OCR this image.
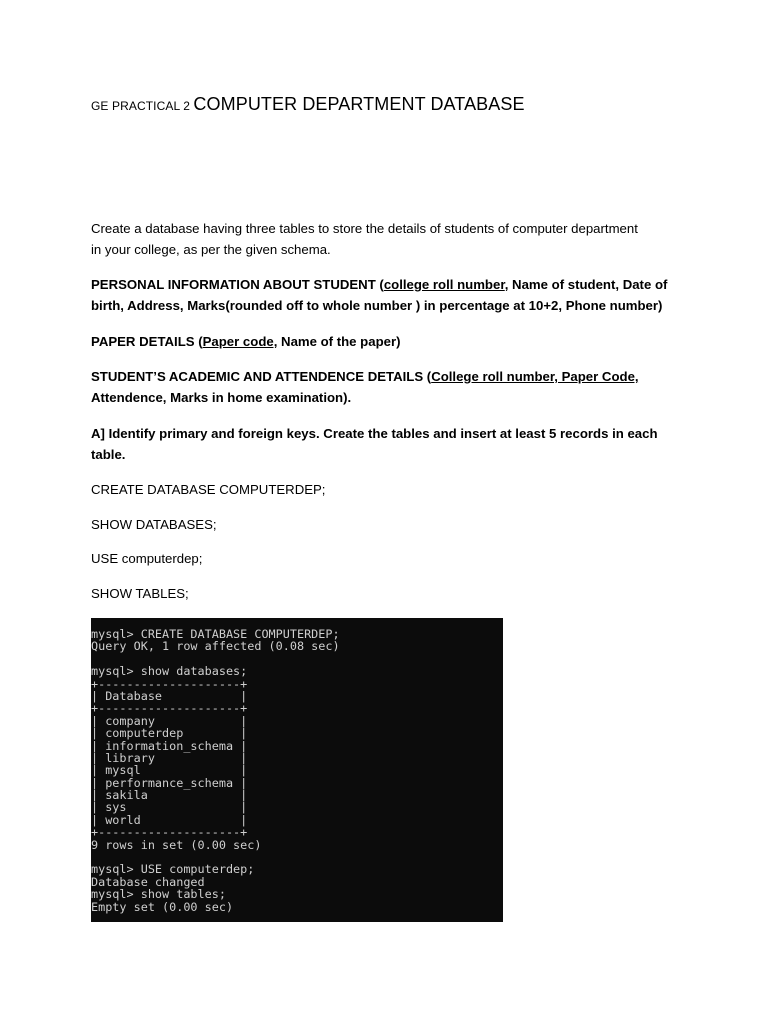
GE PRACTICAL 2 COMPUTER DEPARTMENT DATABASE
Create a database having three tables to store the details of students of computer department
in your college, as per the given schema.
PERSONAL INFORMATION ABOUT STUDENT (college roll number, Name of student, Date of
birth, Address, Marks(rounded off to whole number ) in percentage at 10+2, Phone number)
PAPER DETAILS (Paper code, Name of the paper)
STUDENT’S ACADEMIC AND ATTENDENCE DETAILS (College roll number, Paper Code,
Attendence, Marks in home examination).
A] Identify primary and foreign keys. Create the tables and insert at least 5 records in each
table.
CREATE DATABASE COMPUTERDEP;
SHOW DATABASES;
USE computerdep;
SHOW TABLES;
mysql> CREATE DATABASE COMPUTERDEP;
Query OK, 1 row affected (0.08 sec)
mysql> show databases;
+--------------------+
| Database           |
+--------------------+
| company            |
| computerdep        |
| information_schema |
| library            |
| mysql              |
| performance_schema |
| sakila             |
| sys                |
| world              |
+--------------------+
9 rows in set (0.00 sec)
mysql> USE computerdep;
Database changed
mysql> show tables;
Empty set (0.00 sec)
